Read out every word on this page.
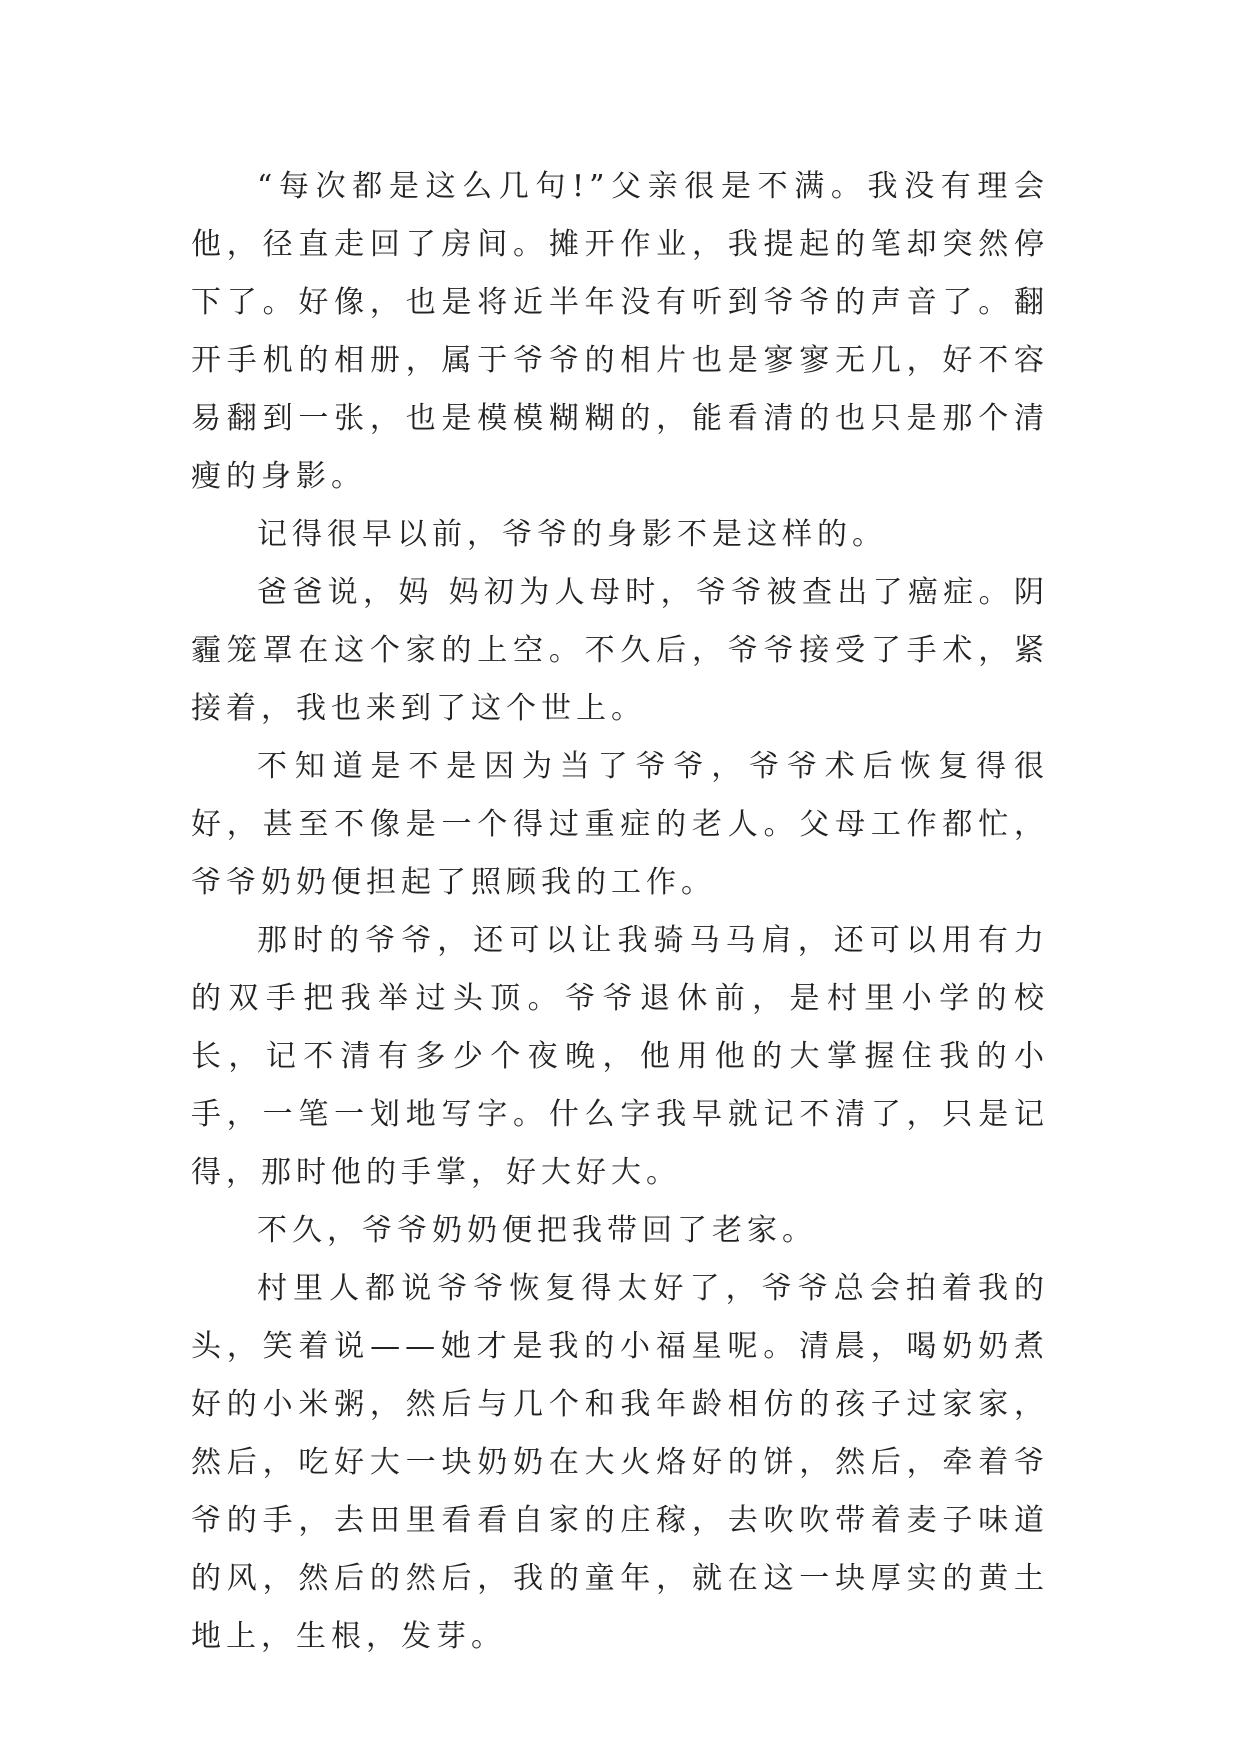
“每次都是这么几句!”父亲很是不满。我没有理会他，径直走回了房间。摊开作业，我提起的笔却突然停下了。好像，也是将近半年没有听到爷爷的声音了。翻开手机的相册，属于爷爷的相片也是寥寥无几，好不容易翻到一张，也是模模糊糊的，能看清的也只是那个清瘦的身影。

记得很早以前，爷爷的身影不是这样的。

爸爸说，妈 妈初为人母时，爷爷被查出了癌症。阴霾笼罩在这个家的上空。不久后，爷爷接受了手术，紧接着，我也来到了这个世上。

不知道是不是因为当了爷爷，爷爷术后恢复得很好，甚至不像是一个得过重症的老人。父母工作都忙，爷爷奶奶便担起了照顾我的工作。

那时的爷爷，还可以让我骑马马肩，还可以用有力的双手把我举过头顶。爷爷退休前，是村里小学的校长，记不清有多少个夜晚，他用他的大掌握住我的小手，一笔一划地写字。什么字我早就记不清了，只是记得，那时他的手掌，好大好大。

不久，爷爷奶奶便把我带回了老家。

村里人都说爷爷恢复得太好了，爷爷总会拍着我的头，笑着说——她才是我的小福星呢。清晨，喝奶奶煮好的小米粥，然后与几个和我年龄相仿的孩子过家家，然后，吃好大一块奶奶在大火烙好的饼，然后，牵着爷爷的手，去田里看看自家的庄稼，去吹吹带着麦子味道的风，然后的然后，我的童年，就在这一块厚实的黄土地上，生根，发芽。
